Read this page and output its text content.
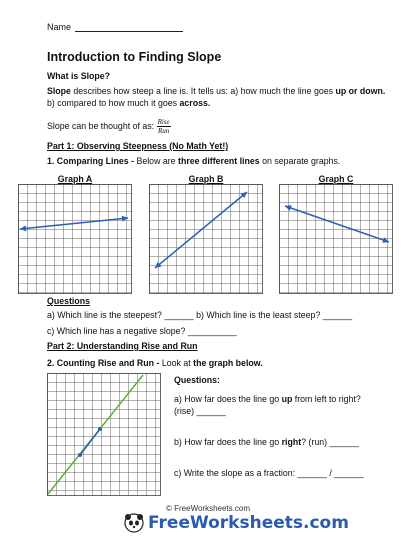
Name
Introduction to Finding Slope
What is Slope?
Slope describes how steep a line is. It tells us: a) how much the line goes up or down. b) compared to how much it goes across.
Slope can be thought of as: $\frac{\text{Rise}}{\text{Run}}$
Part 1: Observing Steepness (No Math Yet!)
1. Comparing Lines - Below are three different lines on separate graphs.
Graph A	Graph B	Graph C
Questions
a) Which line is the steepest? ______ b) Which line is the least steep? ______
c) Which line has a negative slope? __________
Part 2: Understanding Rise and Run
2. Counting Rise and Run - Look at the graph below.
Questions:
a) How far does the line go up from left to right?
(rise) ______
b) How far does the line go right? (run) ______
c) Write the slope as a fraction: ______ / ______
© FreeWorksheets.com
FreeWorksheets.com
